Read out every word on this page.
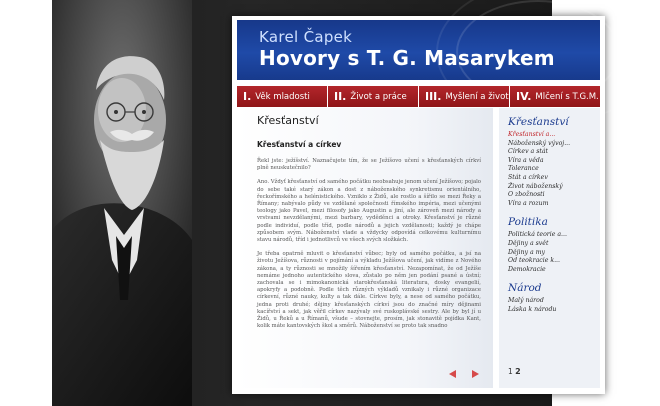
Karel Čapek
Hovory s T. G. Masarykem
I. Věk mladosti II. Život a práce III. Myšlení a život IV. Mlčení s T.G.M.
Křesťanství
Křesťanství a církev

Řekl jste: ježíšství. Naznačujete tím, že se Ježíšovo učení s křesťanských církví plně neuskutečnilo?

Ano. Vždyť křesťanství od samého počátku neobsahuje jenom učení Ježíšovo; pojalo do sebe také starý zákon a dost z náboženského synkretismu orientálního, řeckořímského a helénistického. Vzniklo z Židů, ale rostlo a šířilo se mezi Řeky a Římany; nabývalo půdy ve vzdělané společnosti římského impéria, mezi učenými teology jako Pavel, mezi filosofy jako Augustin a jiní, ale zároveň mezi národy a vrstvami nevzdělanými, mezi barbary, vyděděnci a otroky. Křesťanství je různé podle individuí, podle tříd, podle národů a jejich vzdělanosti; každý je chápe způsobem svým. Náboženství vlade a vždycky odpovídá celkovému kulturnímu stavu národů, tříd i jednotlivců ve všech svých složkách.

Je třeba opatrně mluvit o křesťanství vůbec; byly od samého počátku, a jsí na životu Ježíšova, různosti v pojímání a výkladu Ježíšova učení, jak vidíme z Nového zákona, a ty různosti se množily šířením křesťanství. Nezapomínat, že od Ježíše nemáme jednoho autentického slova, zůstalo po něm jen podání psané a ústní; zachovala se i mimokanonická starokřesťanská literatura, dosky evangelií, apokryfy a podobně. Podle těch různých výkladů vznikaly i různé organizace církevní, různé nauky, kulty a tak dále. Církve byly, a nese od samého počátku, jedna proti druhé; dějiny křesťanských církví jsou do značné míry dějinami kacířství a sekt, jak věřil církev nazývaly své ruskoplávské sestry. Ale by byl jí u Židů, u Řeků a u Římanů, všude – stovnejte, prosím, jak stonavitě pojídka Kant, kolik máte kantovských škol a směrů. Náboženství se proto tak snadno

Křesťanství
Křesťanství a...
Náboženský vývoj...
Církev a stát
Víra a věda
Tolerance
Stát a církev
Život náboženský
O zbožnosti
Víra a rozum
Politika
Politická teorie a...
Dějiny a svět
Dějiny a my
Od teokracie k...
Demokracie
Národ
Malý národ
Láska k národu
1 2
